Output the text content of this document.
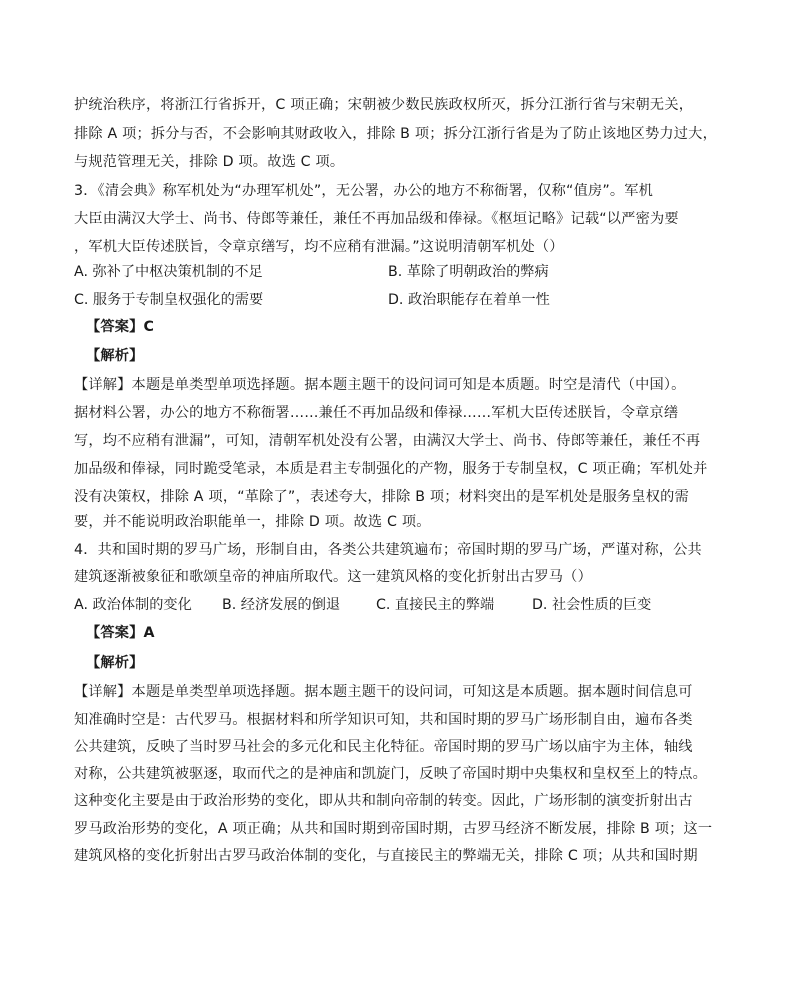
护统治秩序，将浙江行省拆开，C 项正确；宋朝被少数民族政权所灭，拆分江浙行省与宋朝无关，
排除 A 项；拆分与否，不会影响其财政收入，排除 B 项；拆分江浙行省是为了防止该地区势力过大，
与规范管理无关，排除 D 项。故选 C 项。
3．《清会典》称军机处为“办理军机处”，无公署，办公的地方不称衙署，仅称“值房”。军机
大臣由满汉大学士、尚书、侍郎等兼任，兼任不再加品级和俸禄。《枢垣记略》记载“以严密为要
，军机大臣传述朕旨，令章京缮写，均不应稍有泄漏。”这说明清朝军机处（）
A. 弥补了中枢决策机制的不足	B. 革除了明朝政治的弊病
C. 服务于专制皇权强化的需要	D. 政治职能存在着单一性
【答案】C
【解析】
【详解】本题是单类型单项选择题。据本题主题干的设问词可知是本质题。时空是清代（中国）。
据材料公署，办公的地方不称衙署……兼任不再加品级和俸禄……军机大臣传述朕旨，令章京缮
写，均不应稍有泄漏”，可知，清朝军机处没有公署，由满汉大学士、尚书、侍郎等兼任，兼任不再
加品级和俸禄，同时跪受笔录，本质是君主专制强化的产物，服务于专制皇权，C 项正确；军机处并
没有决策权，排除 A 项，“革除了”，表述夸大，排除 B 项；材料突出的是军机处是服务皇权的需
要，并不能说明政治职能单一，排除 D 项。故选 C 项。
4．共和国时期的罗马广场，形制自由，各类公共建筑遍布；帝国时期的罗马广场，严谨对称，公共
建筑逐渐被象征和歌颂皇帝的神庙所取代。这一建筑风格的变化折射出古罗马（）
A. 政治体制的变化 B. 经济发展的倒退	C. 直接民主的弊端	D. 社会性质的巨变
【答案】A
【解析】
【详解】本题是单类型单项选择题。据本题主题干的设问词，可知这是本质题。据本题时间信息可
知准确时空是：古代罗马。根据材料和所学知识可知，共和国时期的罗马广场形制自由，遍布各类
公共建筑，反映了当时罗马社会的多元化和民主化特征。帝国时期的罗马广场以庙宇为主体，轴线
对称，公共建筑被驱逐，取而代之的是神庙和凯旋门，反映了帝国时期中央集权和皇权至上的特点。
这种变化主要是由于政治形势的变化，即从共和制向帝制的转变。因此，广场形制的演变折射出古
罗马政治形势的变化，A 项正确；从共和国时期到帝国时期，古罗马经济不断发展，排除 B 项；这一
建筑风格的变化折射出古罗马政治体制的变化，与直接民主的弊端无关，排除 C 项；从共和国时期
